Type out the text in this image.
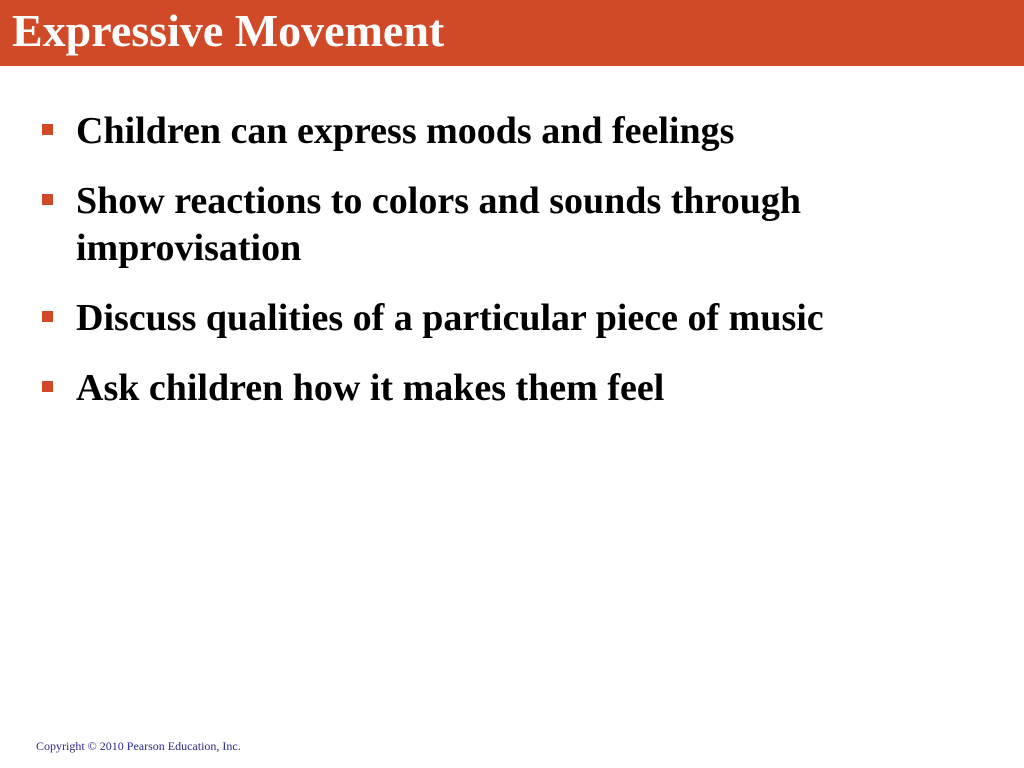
Expressive Movement
Children can express moods and feelings
Show reactions to colors and sounds through improvisation
Discuss qualities of a particular piece of music
Ask children how it makes them feel
Copyright © 2010 Pearson Education, Inc.
